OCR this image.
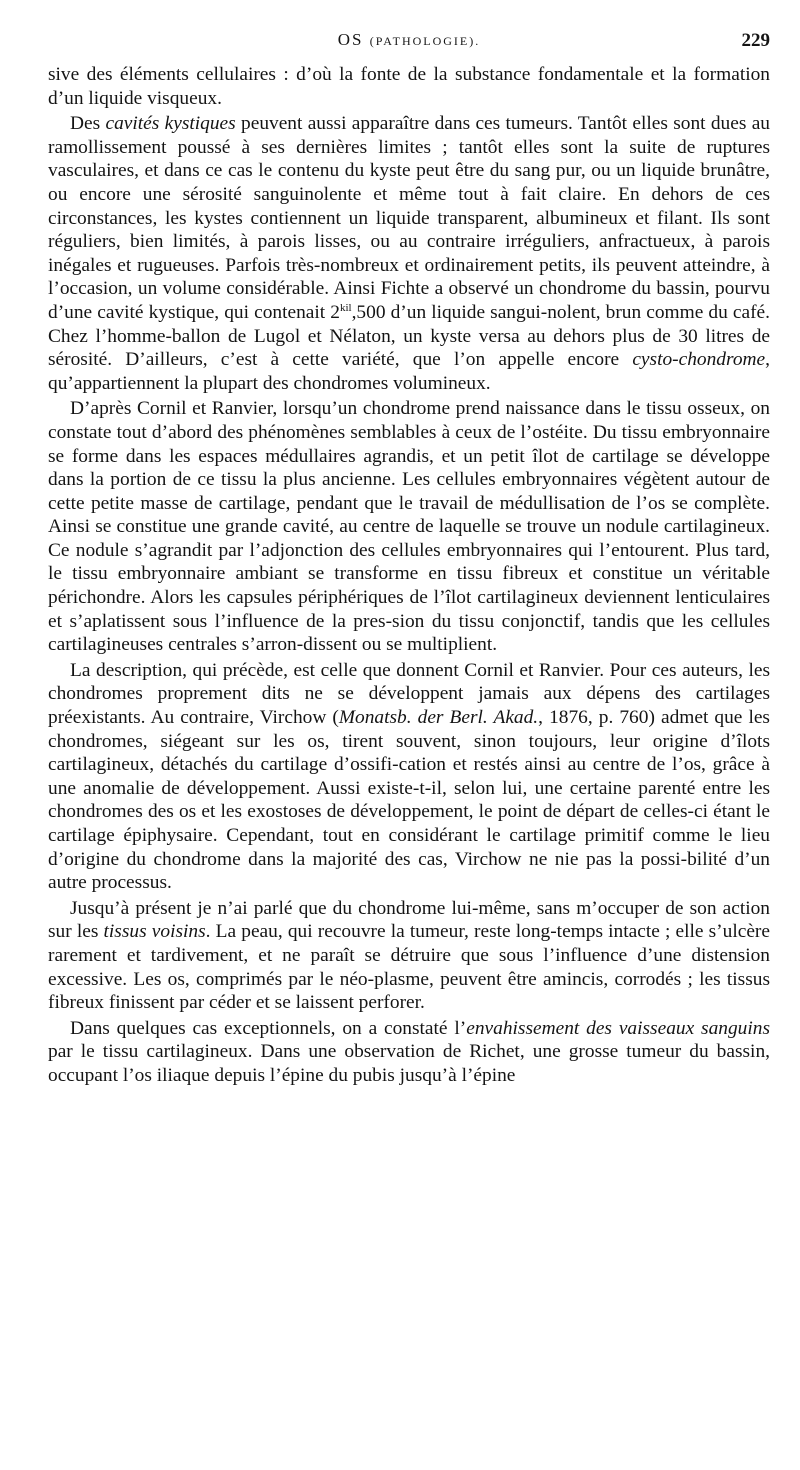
OS (PATHOLOGIE).	229

sive des éléments cellulaires : d’où la fonte de la substance fondamentale et la formation d’un liquide visqueux.

Des cavités kystiques peuvent aussi apparaître dans ces tumeurs. Tantôt elles sont dues au ramollissement poussé à ses dernières limites ; tantôt elles sont la suite de ruptures vasculaires, et dans ce cas le contenu du kyste peut être du sang pur, ou un liquide brunâtre, ou encore une sérosité sanguinolente et même tout à fait claire. En dehors de ces circonstances, les kystes contiennent un liquide transparent, albumineux et filant. Ils sont réguliers, bien limités, à parois lisses, ou au contraire irréguliers, anfractueux, à parois inégales et rugueuses. Parfois très-nombreux et ordinairement petits, ils peuvent atteindre, à l’occasion, un volume considérable. Ainsi Fichte a observé un chondrome du bassin, pourvu d’une cavité kystique, qui contenait $2^{kil},500$ d’un liquide sangui-nolent, brun comme du café. Chez l’homme-ballon de Lugol et Nélaton, un kyste versa au dehors plus de 30 litres de sérosité. D’ailleurs, c’est à cette variété, que l’on appelle encore cysto-chondrome, qu’appartiennent la plupart des chondromes volumineux.

D’après Cornil et Ranvier, lorsqu’un chondrome prend naissance dans le tissu osseux, on constate tout d’abord des phénomènes semblables à ceux de l’ostéite. Du tissu embryonnaire se forme dans les espaces médullaires agrandis, et un petit îlot de cartilage se développe dans la portion de ce tissu la plus ancienne. Les cellules embryonnaires végètent autour de cette petite masse de cartilage, pendant que le travail de médullisation de l’os se complète. Ainsi se constitue une grande cavité, au centre de laquelle se trouve un nodule cartilagineux. Ce nodule s’agrandit par l’adjonction des cellules embryonnaires qui l’entourent. Plus tard, le tissu embryonnaire ambiant se transforme en tissu fibreux et constitue un véritable périchondre. Alors les capsules périphériques de l’îlot cartilagineux deviennent lenticulaires et s’aplatissent sous l’influence de la pres-sion du tissu conjonctif, tandis que les cellules cartilagineuses centrales s’arron-dissent ou se multiplient.

La description, qui précède, est celle que donnent Cornil et Ranvier. Pour ces auteurs, les chondromes proprement dits ne se développent jamais aux dépens des cartilages préexistants. Au contraire, Virchow (Monatsb. der Berl. Akad., 1876, p. 760) admet que les chondromes, siégeant sur les os, tirent souvent, sinon toujours, leur origine d’îlots cartilagineux, détachés du cartilage d’ossifi-cation et restés ainsi au centre de l’os, grâce à une anomalie de développement. Aussi existe-t-il, selon lui, une certaine parenté entre les chondromes des os et les exostoses de développement, le point de départ de celles-ci étant le cartilage épiphysaire. Cependant, tout en considérant le cartilage primitif comme le lieu d’origine du chondrome dans la majorité des cas, Virchow ne nie pas la possi-bilité d’un autre processus.

Jusqu’à présent je n’ai parlé que du chondrome lui-même, sans m’occuper de son action sur les tissus voisins. La peau, qui recouvre la tumeur, reste long-temps intacte ; elle s’ulcère rarement et tardivement, et ne paraît se détruire que sous l’influence d’une distension excessive. Les os, comprimés par le néo-plasme, peuvent être amincis, corrodés ; les tissus fibreux finissent par céder et se laissent perforer.

Dans quelques cas exceptionnels, on a constaté l’envahissement des vaisseaux sanguins par le tissu cartilagineux. Dans une observation de Richet, une grosse tumeur du bassin, occupant l’os iliaque depuis l’épine du pubis jusqu’à l’épine
